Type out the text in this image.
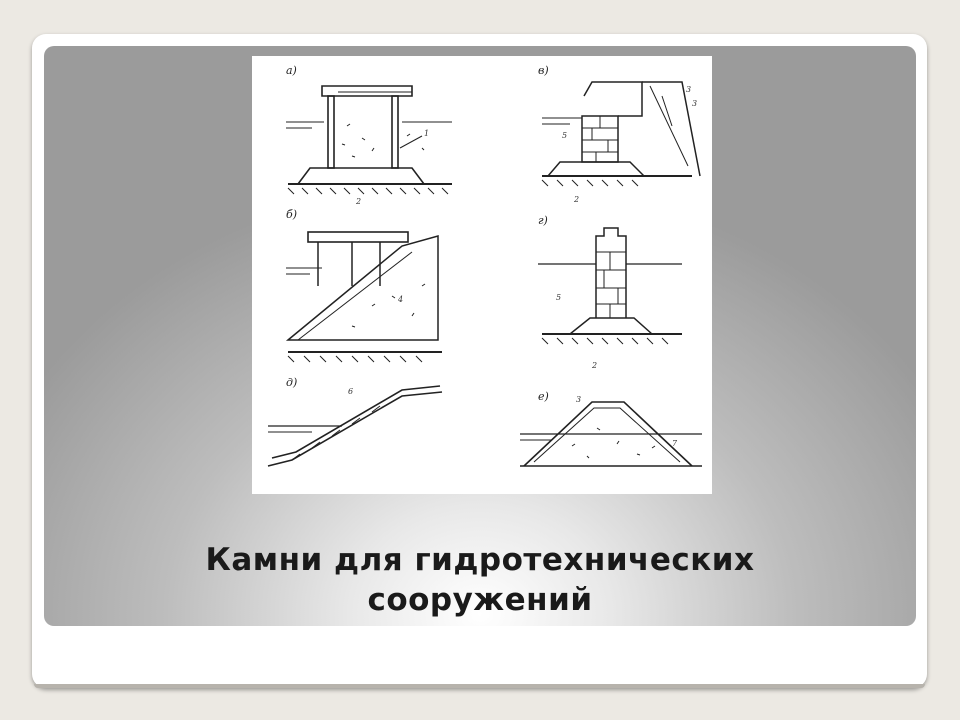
а)
1
2
в)
3
3
5
2
б)
4
г)
5
2
д)
6	е)	3
7
Камни для гидротехнических
сооружений
